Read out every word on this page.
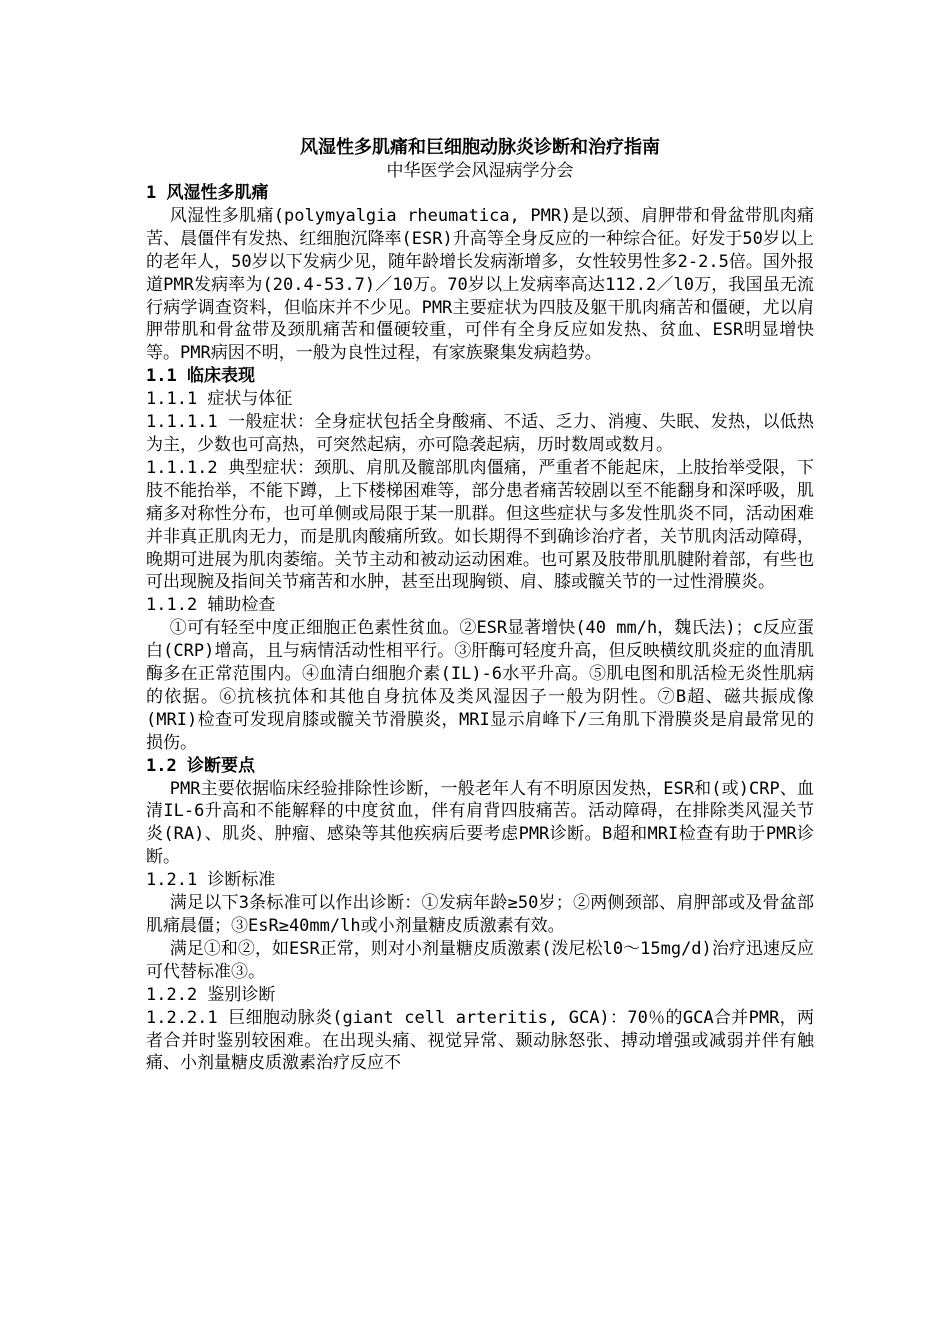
风湿性多肌痛和巨细胞动脉炎诊断和治疗指南
中华医学会风湿病学分会
1 风湿性多肌痛
风湿性多肌痛(polymyalgia rheumatica, PMR)是以颈、肩胛带和骨盆带肌肉痛苦、晨僵伴有发热、红细胞沉降率(ESR)升高等全身反应的一种综合征。好发于50岁以上的老年人，50岁以下发病少见，随年龄增长发病渐增多，女性较男性多2-2.5倍。国外报道PMR发病率为(20.4-53.7)／10万。70岁以上发病率高达112.2／l0万，我国虽无流行病学调查资料，但临床并不少见。PMR主要症状为四肢及躯干肌肉痛苦和僵硬，尤以肩胛带肌和骨盆带及颈肌痛苦和僵硬较重，可伴有全身反应如发热、贫血、ESR明显增快等。PMR病因不明，一般为良性过程，有家族聚集发病趋势。
1.1 临床表现
1.1.1 症状与体征
1.1.1.1 一般症状：全身症状包括全身酸痛、不适、乏力、消瘦、失眠、发热，以低热为主，少数也可高热，可突然起病，亦可隐袭起病，历时数周或数月。
1.1.1.2 典型症状：颈肌、肩肌及髋部肌肉僵痛，严重者不能起床，上肢抬举受限，下肢不能抬举，不能下蹲，上下楼梯困难等，部分患者痛苦较剧以至不能翻身和深呼吸，肌痛多对称性分布，也可单侧或局限于某一肌群。但这些症状与多发性肌炎不同，活动困难并非真正肌肉无力，而是肌肉酸痛所致。如长期得不到确诊治疗者，关节肌肉活动障碍，晚期可进展为肌肉萎缩。关节主动和被动运动困难。也可累及肢带肌肌腱附着部，有些也可出现腕及指间关节痛苦和水肿，甚至出现胸锁、肩、膝或髋关节的一过性滑膜炎。
1.1.2 辅助检查
①可有轻至中度正细胞正色素性贫血。②ESR显著增快(40 mm/h，魏氏法)；c反应蛋白(CRP)增高，且与病情活动性相平行。③肝酶可轻度升高，但反映横纹肌炎症的血清肌酶多在正常范围内。④血清白细胞介素(IL)-6水平升高。⑤肌电图和肌活检无炎性肌病的依据。⑥抗核抗体和其他自身抗体及类风湿因子一般为阴性。⑦B超、磁共振成像(MRI)检查可发现肩膝或髋关节滑膜炎，MRI显示肩峰下/三角肌下滑膜炎是肩最常见的损伤。
1.2 诊断要点
PMR主要依据临床经验排除性诊断，一般老年人有不明原因发热，ESR和(或)CRP、血清IL-6升高和不能解释的中度贫血，伴有肩背四肢痛苦。活动障碍，在排除类风湿关节炎(RA)、肌炎、肿瘤、感染等其他疾病后要考虑PMR诊断。B超和MRI检查有助于PMR诊断。
1.2.1 诊断标准
满足以下3条标准可以作出诊断：①发病年龄≥50岁；②两侧颈部、肩胛部或及骨盆部肌痛晨僵；③EsR≥40mm/lh或小剂量糖皮质激素有效。
满足①和②，如ESR正常，则对小剂量糖皮质激素(泼尼松l0～15mg/d)治疗迅速反应可代替标准③。
1.2.2 鉴别诊断
1.2.2.1 巨细胞动脉炎(giant cell arteritis, GCA)：70％的GCA合并PMR，两者合并时鉴别较困难。在出现头痛、视觉异常、颞动脉怒张、搏动增强或减弱并伴有触痛、小剂量糖皮质激素治疗反应不
